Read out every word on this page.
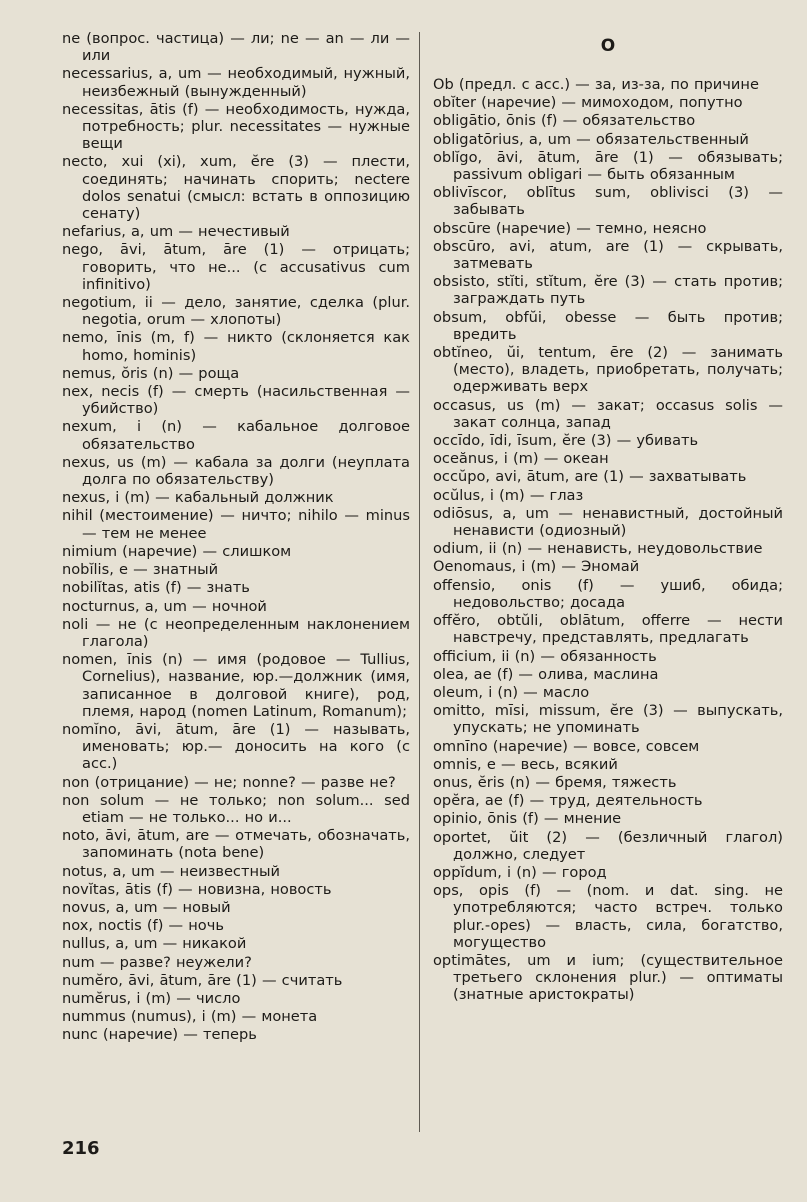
ne (вопрос. частица) — ли; ne — an — ли — или

necessarius, a, um — необходимый, нужный, неизбежный (вынужденный)

necessitas, ātis (f) — необходимость, нужда, потребность; plur. necessitates — нужные вещи

necto, xui (xi), xum, ĕre (3) — плести, соединять; начинать спорить; nectere dolos senatui (смысл: встать в оппозицию сенату)

nefarius, a, um — нечестивый

nego, āvi, ātum, āre (1) — отрицать; говорить, что не... (с accusativus cum infinitivo)

negotium, ii — дело, занятие, сделка (plur. negotia, orum — хлопоты)

nemo, īnis (m, f) — никто (склоняется как homo, hominis)

nemus, ŏris (n) — роща

nex, necis (f) — смерть (насильственная — убийство)

nexum, i (n) — кабальное долговое обязательство

nexus, us (m) — кабала за долги (неуплата долга по обязательству)

nexus, i (m) — кабальный должник

nihil (местоимение) — ничто; nihilo — minus — тем не менее

nimium (наречие) — слишком

nobĭlis, e — знатный

nobilĭtas, atis (f) — знать

nocturnus, a, um — ночной

noli — не (с неопределенным наклонением глагола)

nomen, īnis (n) — имя (родовое — Tullius, Cornelius), название, юр.—должник (имя, записанное в долговой книге), род, племя, народ (nomen Latinum, Romanum);

nomĭno, āvi, ātum, āre (1) — называть, именовать; юр.— доносить на кого (с acc.)

non (отрицание) — не; nonne? — разве не?

non solum — не только; non solum... sed etiam — не только... но и...

noto, āvi, ātum, are — отмечать, обозначать, запоминать (nota bene)

notus, a, um — неизвестный

novĭtas, ātis (f) — новизна, новость

novus, a, um — новый

nox, noctis (f) — ночь

nullus, a, um — никакой

num — разве? неужели?

numĕro, āvi, ātum, āre (1) — считать

numĕrus, i (m) — число

nummus (numus), i (m) — монета

nunc (наречие) — теперь

O

Ob (предл. с acc.) — за, из-за, по причине

obĭter (наречие) — мимоходом, попутно

obligātio, ōnis (f) — обязательство

obligatōrius, a, um — обязательственный

oblĭgo, āvi, ātum, āre (1) — обязывать; passivum obligari — быть обязанным

oblivīscor, oblītus sum, oblivisci (3) — забывать

obscūre (наречие) — темно, неясно

obscūro, avi, atum, are (1) — скрывать, затмевать

obsisto, stĭti, stĭtum, ĕre (3) — стать против; заграждать путь

obsum, obfŭi, obesse — быть против; вредить

obtĭneo, ŭi, tentum, ēre (2) — занимать (место), владеть, приобретать, получать; одерживать верх

occasus, us (m) — закат; occasus solis — закат солнца, запад

occīdo, īdi, īsum, ĕre (3) — убивать

oceănus, i (m) — океан

occŭpo, avi, ātum, are (1) — захватывать

ocŭlus, i (m) — глаз

odiōsus, a, um — ненавистный, достойный ненависти (одиозный)

odium, ii (n) — ненависть, неудовольствие

Oenomaus, i (m) — Эномай

offensio, onis (f) — ушиб, обида; недовольство; досада

offĕro, obtŭli, oblātum, offerre — нести навстречу, представлять, предлагать

officium, ii (n) — обязанность

olea, ae (f) — олива, маслина

oleum, i (n) — масло

omitto, mīsi, missum, ĕre (3) — выпускать, упускать; не упоминать

omnīno (наречие) — вовсе, совсем

omnis, e — весь, всякий

onus, ĕris (n) — бремя, тяжесть

opĕra, ae (f) — труд, деятельность

opinio, ōnis (f) — мнение

oportet, ŭit (2) — (безличный глагол) должно, следует

oppĭdum, i (n) — город

ops, opis (f) — (nom. и dat. sing. не употребляются; часто встреч. только plur.-opes) — власть, сила, богатство, могущество

optimātes, um и ium; (существительное третьего склонения plur.) — оптиматы (знатные аристократы)

216
